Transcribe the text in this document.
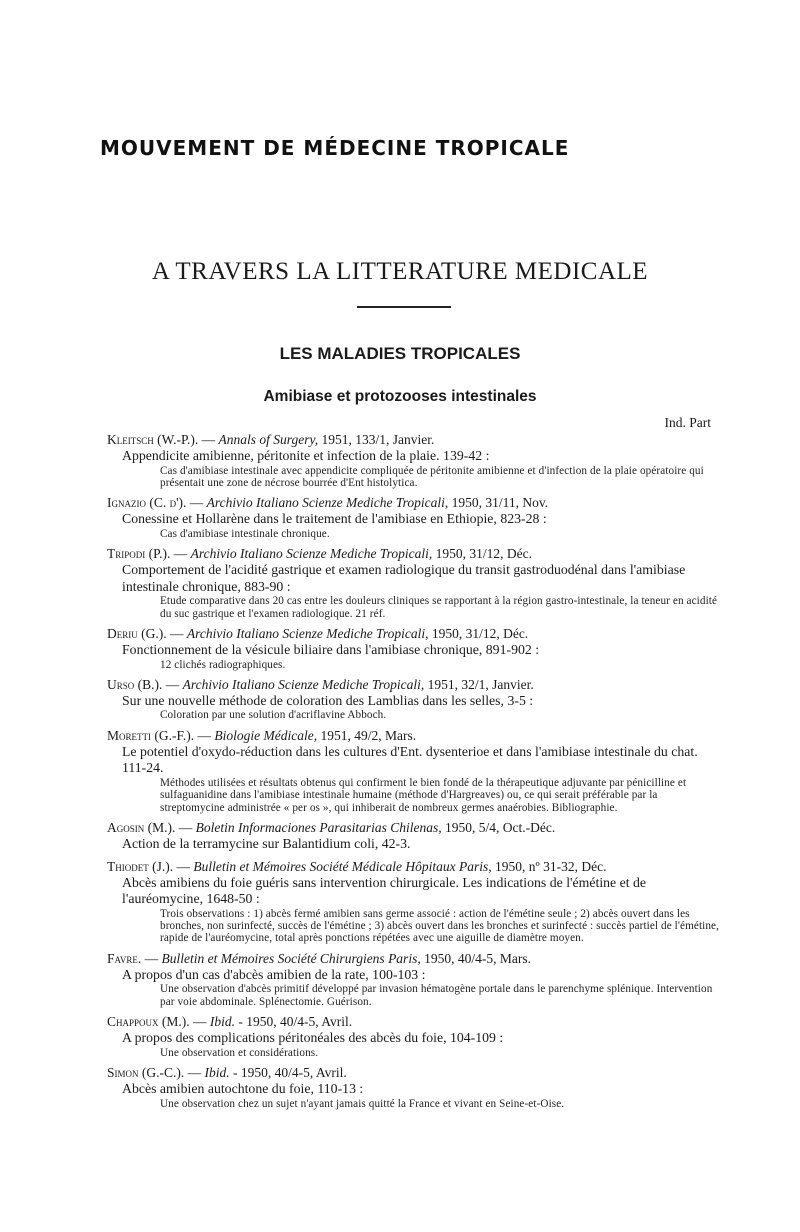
MOUVEMENT DE MÉDECINE TROPICALE
A TRAVERS LA LITTERATURE MEDICALE
LES MALADIES TROPICALES
Amibiase et protozooses intestinales
Ind. Part
Kleitsch (W.-P.). — Annals of Surgery, 1951, 133/1, Janvier.
Appendicite amibienne, péritonite et infection de la plaie. 139-42 :
Cas d'amibiase intestinale avec appendicite compliquée de péritonite amibienne et d'infection de la plaie opératoire qui présentait une zone de nécrose bourrée d'Ent histolytica.
Ignazio (C. d'). — Archivio Italiano Scienze Mediche Tropicali, 1950, 31/11, Nov.
Conessine et Hollarène dans le traitement de l'amibiase en Ethiopie, 823-28 :
Cas d'amibiase intestinale chronique.
Tripodi (P.). — Archivio Italiano Scienze Mediche Tropicali, 1950, 31/12, Déc.
Comportement de l'acidité gastrique et examen radiologique du transit gastroduodénal dans l'amibiase intestinale chronique, 883-90 :
Etude comparative dans 20 cas entre les douleurs cliniques se rapportant à la région gastro-intestinale, la teneur en acidité du suc gastrique et l'examen radiologique. 21 réf.
Deriu (G.). — Archivio Italiano Scienze Mediche Tropicali, 1950, 31/12, Déc.
Fonctionnement de la vésicule biliaire dans l'amibiase chronique, 891-902 :
12 clichés radiographiques.
Urso (B.). — Archivio Italiano Scienze Mediche Tropicali, 1951, 32/1, Janvier.
Sur une nouvelle méthode de coloration des Lamblias dans les selles, 3-5 :
Coloration par une solution d'acriflavine Abboch.
Moretti (G.-F.). — Biologie Médicale, 1951, 49/2, Mars.
Le potentiel d'oxydo-réduction dans les cultures d'Ent. dysenterioe et dans l'amibiase intestinale du chat. 111-24.
Méthodes utilisées et résultats obtenus qui confirment le bien fondé de la thérapeutique adjuvante par pénicilline et sulfaguanidine dans l'amibiase intestinale humaine (méthode d'Hargreaves) ou, ce qui serait préférable par la streptomycine administrée « per os », qui inhiberait de nombreux germes anaérobies. Bibliographie.
Agosin (M.). — Boletin Informaciones Parasitarias Chilenas, 1950, 5/4, Oct.-Déc.
Action de la terramycine sur Balantidium coli, 42-3.
Thiodet (J.). — Bulletin et Mémoires Société Médicale Hôpitaux Paris, 1950, nº 31-32, Déc.
Abcès amibiens du foie guéris sans intervention chirurgicale. Les indications de l'émétine et de l'auréomycine, 1648-50 :
Trois observations : 1) abcès fermé amibien sans germe associé : action de l'émétine seule ; 2) abcès ouvert dans les bronches, non surinfecté, succès de l'émétine ; 3) abcès ouvert dans les bronches et surinfecté : succès partiel de l'émétine, rapide de l'auréomycine, total après ponctions répétées avec une aiguille de diamètre moyen.
Favre. — Bulletin et Mémoires Société Chirurgiens Paris, 1950, 40/4-5, Mars.
A propos d'un cas d'abcès amibien de la rate, 100-103 :
Une observation d'abcès primitif développé par invasion hématogène portale dans le parenchyme splénique. Intervention par voie abdominale. Splénectomie. Guérison.
Chappoux (M.). — Ibid. - 1950, 40/4-5, Avril.
A propos des complications péritonéales des abcès du foie, 104-109 :
Une observation et considérations.
Simon (G.-C.). — Ibid. - 1950, 40/4-5, Avril.
Abcès amibien autochtone du foie, 110-13 :
Une observation chez un sujet n'ayant jamais quitté la France et vivant en Seine-et-Oise.
